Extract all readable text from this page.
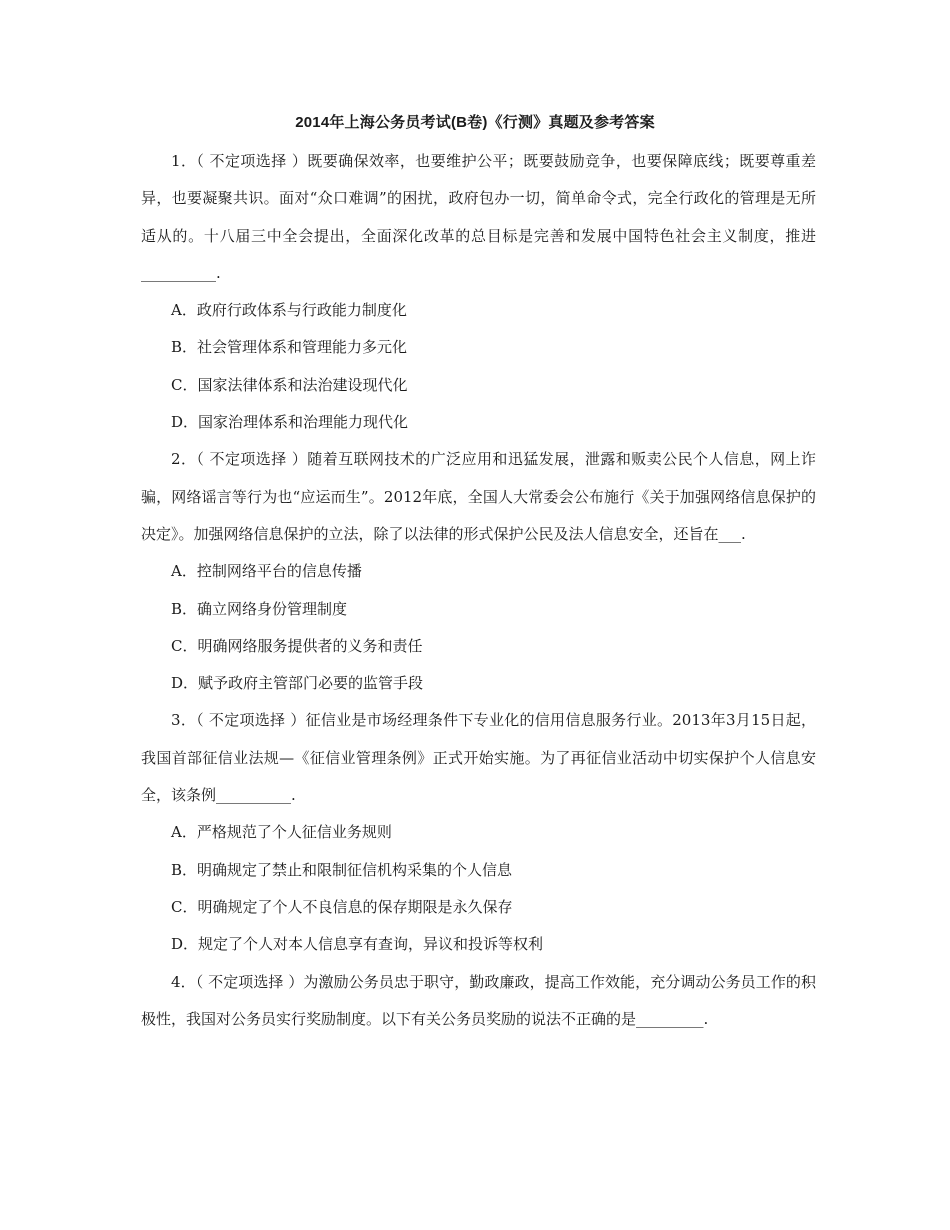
2014年上海公务员考试(B卷)《行测》真题及参考答案

1．（ 不定项选择 ）既要确保效率，也要维护公平；既要鼓励竞争，也要保障底线；既要尊重差异，也要凝聚共识。面对“众口难调”的困扰，政府包办一切，简单命令式，完全行政化的管理是无所适从的。十八届三中全会提出，全面深化改革的总目标是完善和发展中国特色社会主义制度，推进__________.

A．政府行政体系与行政能力制度化

B．社会管理体系和管理能力多元化

C．国家法律体系和法治建设现代化

D．国家治理体系和治理能力现代化

2．（ 不定项选择 ）随着互联网技术的广泛应用和迅猛发展，泄露和贩卖公民个人信息，网上诈骗，网络谣言等行为也“应运而生”。2012年底，全国人大常委会公布施行《关于加强网络信息保护的决定》。加强网络信息保护的立法，除了以法律的形式保护公民及法人信息安全，还旨在___.

A．控制网络平台的信息传播

B．确立网络身份管理制度

C．明确网络服务提供者的义务和责任

D．赋予政府主管部门必要的监管手段

3．（ 不定项选择 ）征信业是市场经理条件下专业化的信用信息服务行业。2013年3月15日起，我国首部征信业法规—《征信业管理条例》正式开始实施。为了再征信业活动中切实保护个人信息安全，该条例__________.

A．严格规范了个人征信业务规则

B．明确规定了禁止和限制征信机构采集的个人信息

C．明确规定了个人不良信息的保存期限是永久保存

D．规定了个人对本人信息享有查询，异议和投诉等权利

4．（ 不定项选择 ）为激励公务员忠于职守，勤政廉政，提高工作效能，充分调动公务员工作的积极性，我国对公务员实行奖励制度。以下有关公务员奖励的说法不正确的是_________.
